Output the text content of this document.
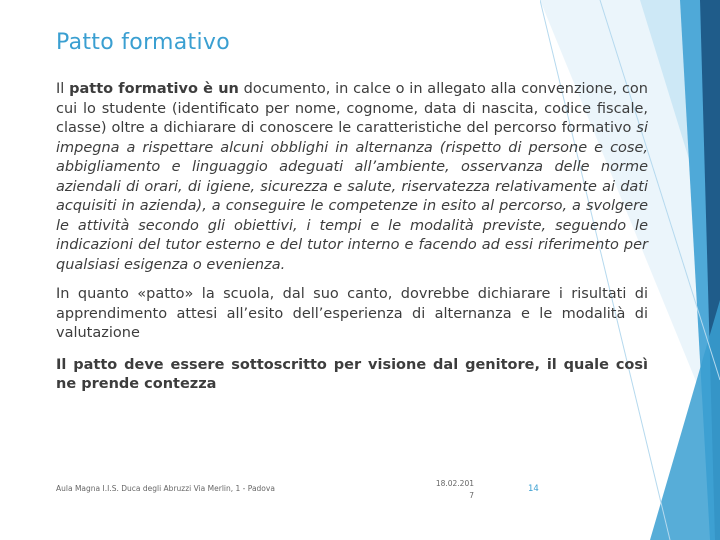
Patto formativo

Il patto formativo è un documento, in calce o in allegato alla convenzione, con cui lo studente (identificato per nome, cognome, data di nascita, codice fiscale, classe) oltre a dichiarare di conoscere le caratteristiche del percorso formativo si impegna a rispettare alcuni obblighi in alternanza (rispetto di persone e cose, abbigliamento e linguaggio adeguati all’ambiente, osservanza delle norme aziendali di orari, di igiene, sicurezza e salute, riservatezza relativamente ai dati acquisiti in azienda), a conseguire le competenze in esito al percorso, a svolgere le attività secondo gli obiettivi, i tempi e le modalità previste, seguendo le indicazioni del tutor esterno e del tutor interno e facendo ad essi riferimento per qualsiasi esigenza o evenienza.

In quanto «patto» la scuola, dal suo canto, dovrebbe dichiarare i risultati di apprendimento attesi all’esito dell’esperienza di alternanza e le modalità di valutazione

Il patto deve essere sottoscritto per visione dal genitore, il quale così ne prende contezza

Aula Magna I.I.S. Duca degli Abruzzi Via Merlin, 1 - Padova
18.02.201
7
14
